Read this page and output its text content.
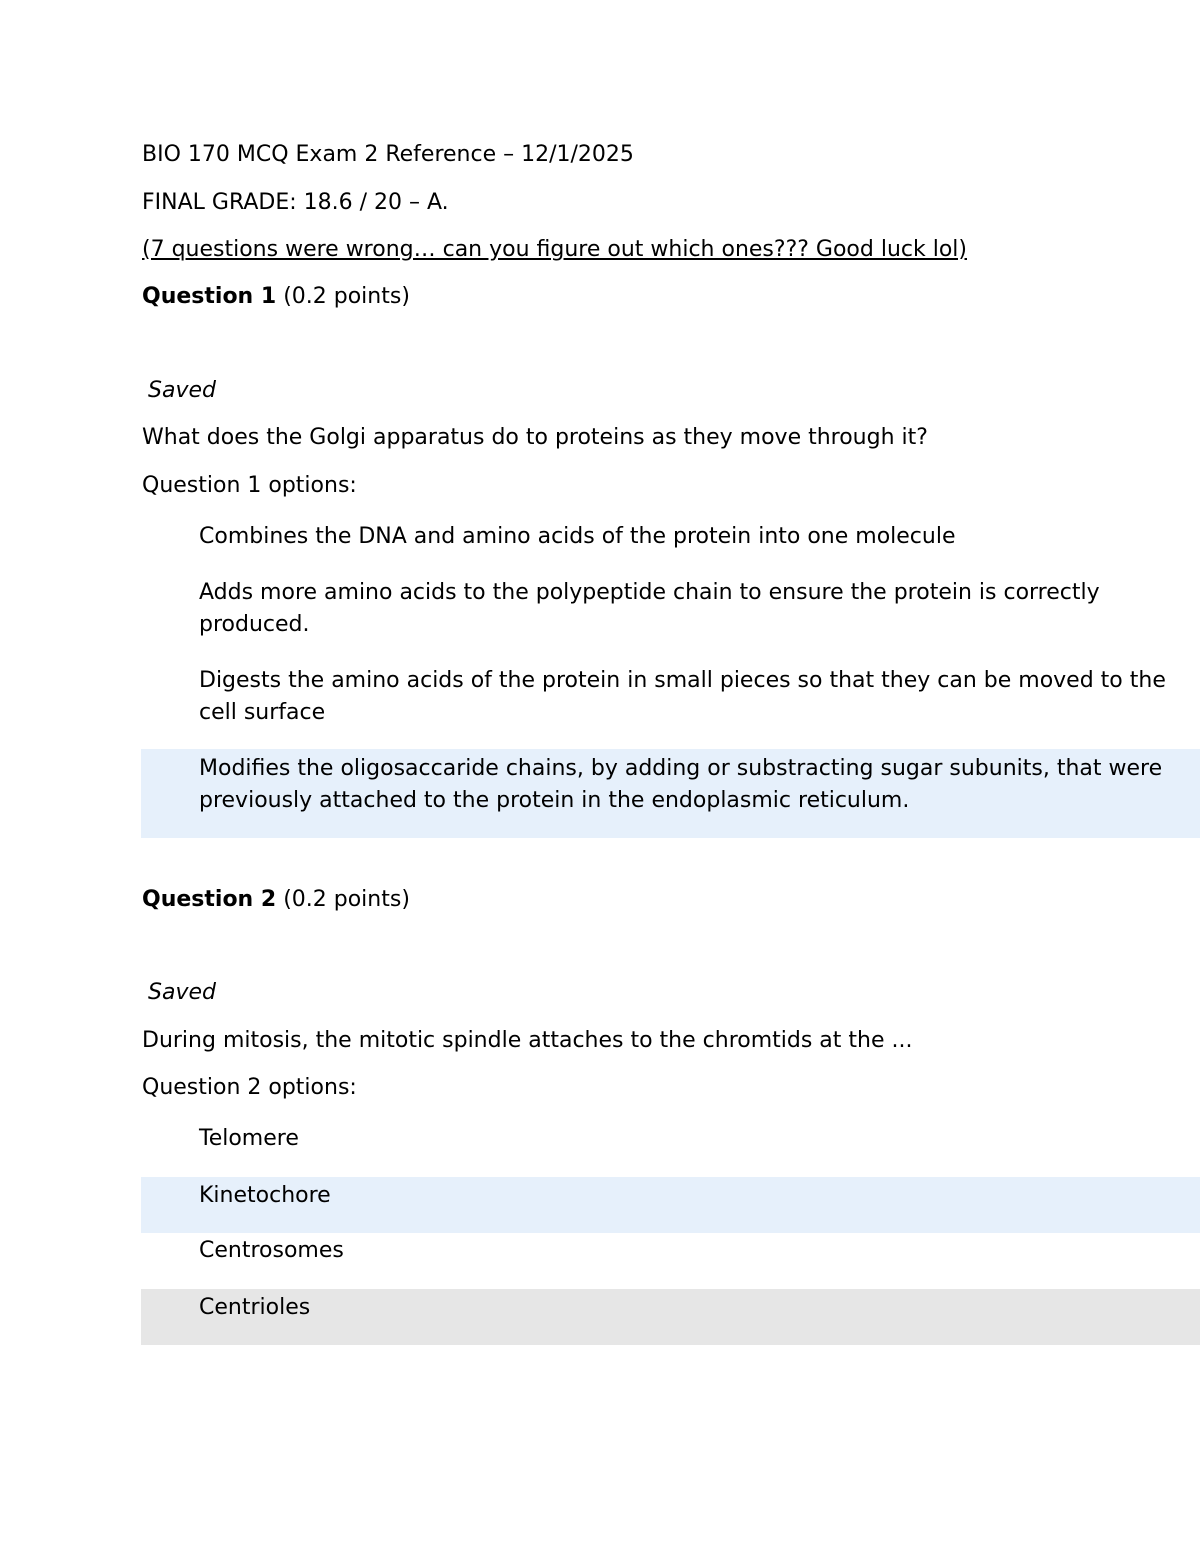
BIO 170 MCQ Exam 2 Reference – 12/1/2025
FINAL GRADE: 18.6 / 20 – A.
(7 questions were wrong… can you figure out which ones??? Good luck lol)
Question 1 (0.2 points)
Saved
What does the Golgi apparatus do to proteins as they move through it?
Question 1 options:
Combines the DNA and amino acids of the protein into one molecule
Adds more amino acids to the polypeptide chain to ensure the protein is correctly produced.
Digests the amino acids of the protein in small pieces so that they can be moved to the cell surface
Modifies the oligosaccaride chains, by adding or substracting sugar subunits, that were previously attached to the protein in the endoplasmic reticulum.
Question 2 (0.2 points)
Saved
During mitosis, the mitotic spindle attaches to the chromtids at the ...
Question 2 options:
Telomere
Kinetochore
Centrosomes
Centrioles
